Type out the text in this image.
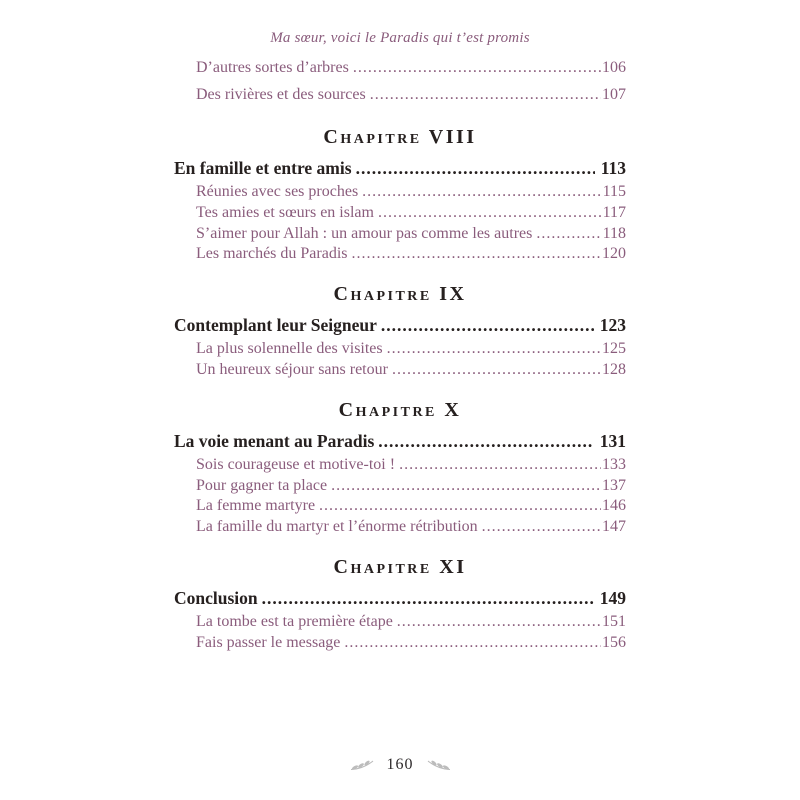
Ma sœur, voici le Paradis qui t’est promis
D’autres sortes d’arbres .....	106
Des rivières et des sources .....	107
Chapitre VIII
En famille et entre amis .....	113
Réunies avec ses proches .....	115
Tes amies et sœurs en islam .....	117
S’aimer pour Allah : un amour pas comme les autres .....	118
Les marchés du Paradis .....	120
Chapitre IX
Contemplant leur Seigneur .....	123
La plus solennelle des visites .....	125
Un heureux séjour sans retour .....	128
Chapitre X
La voie menant au Paradis .....	131
Sois courageuse et motive-toi ! .....	133
Pour gagner ta place .....	137
La femme martyre .....	146
La famille du martyr et l’énorme rétribution .....	147
Chapitre XI
Conclusion .....	149
La tombe est ta première étape .....	151
Fais passer le message .....	156
160
